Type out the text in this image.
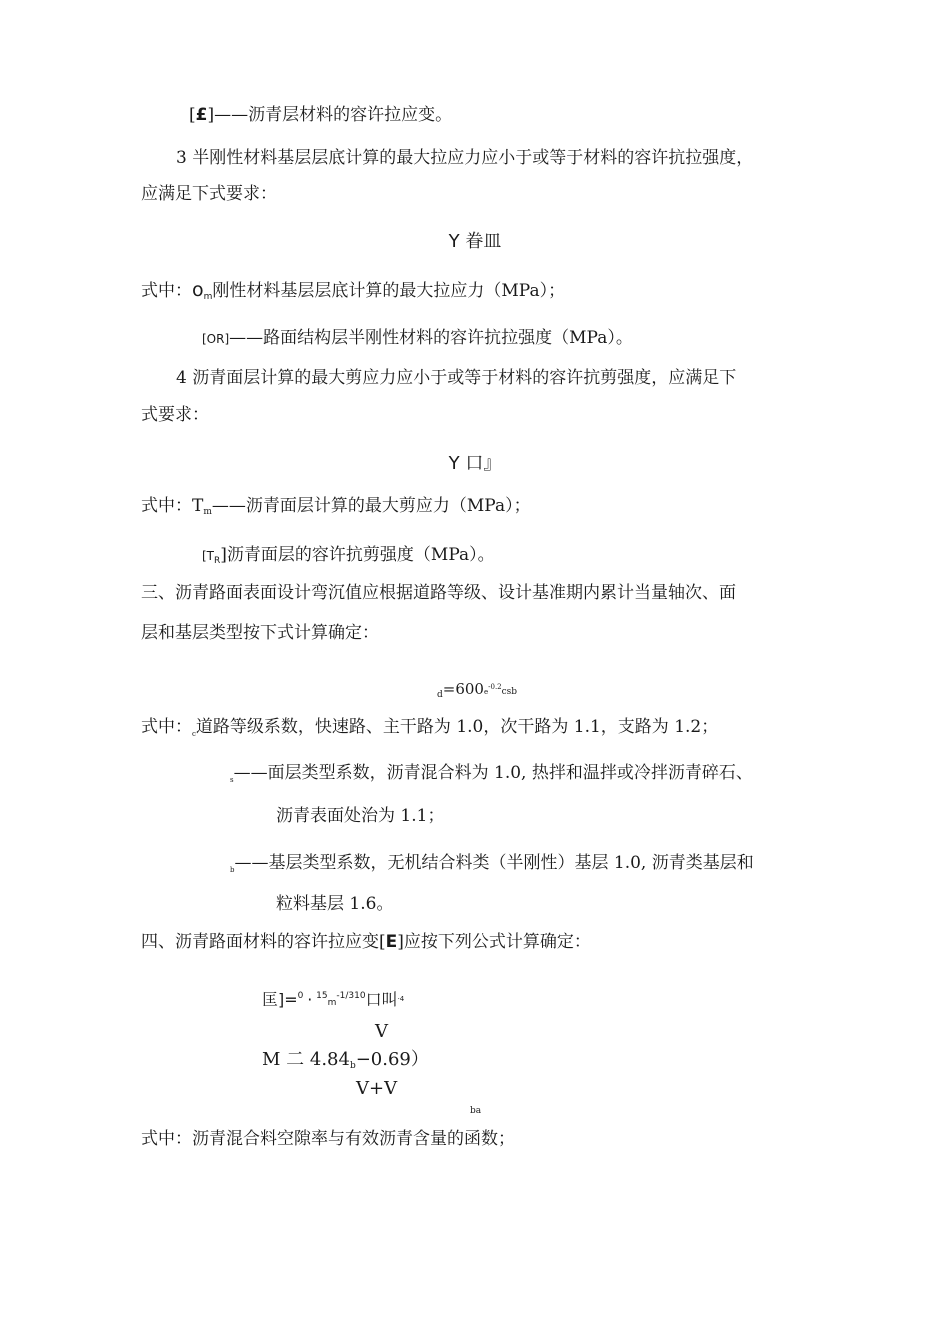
[£]——沥青层材料的容许拉应变。
3 半刚性材料基层层底计算的最大拉应力应小于或等于材料的容许抗拉强度，
应满足下式要求：
Y 眷皿
式中：$o_m$刚性材料基层层底计算的最大拉应力（MPa）；
[OR]——路面结构层半刚性材料的容许抗拉强度（MPa）。
4 沥青面层计算的最大剪应力应小于或等于材料的容许抗剪强度，应满足下
式要求：
Y 口』
式中：$T_m——$沥青面层计算的最大剪应力（MPa）；
$[T_R]$沥青面层的容许抗剪强度（MPa）。
三、沥青路面表面设计弯沉值应根据道路等级、设计基准期内累计当量轴次、面
层和基层类型按下式计算确定：
$_d=600e^{-0.2}csb$
式中：$_c$道路等级系数，快速路、主干路为 1.0，次干路为 1.1，支路为 1.2；
$_s$——面层类型系数，沥青混合料为 1.0, 热拌和温拌或冷拌沥青碎石、
沥青表面处治为 1.1；
$_b$——基层类型系数，无机结合料类（半刚性）基层 1.0, 沥青类基层和
粒料基层 1.6。
四、沥青路面材料的容许拉应变[E]应按下列公式计算确定：
匡]$=^0 \cdot ^{15}m^{-1/310}$口叫$^{\cdot 4}$
V
M 二 $4.84_b-0.69$）
V+V
ba
式中：沥青混合料空隙率与有效沥青含量的函数；
